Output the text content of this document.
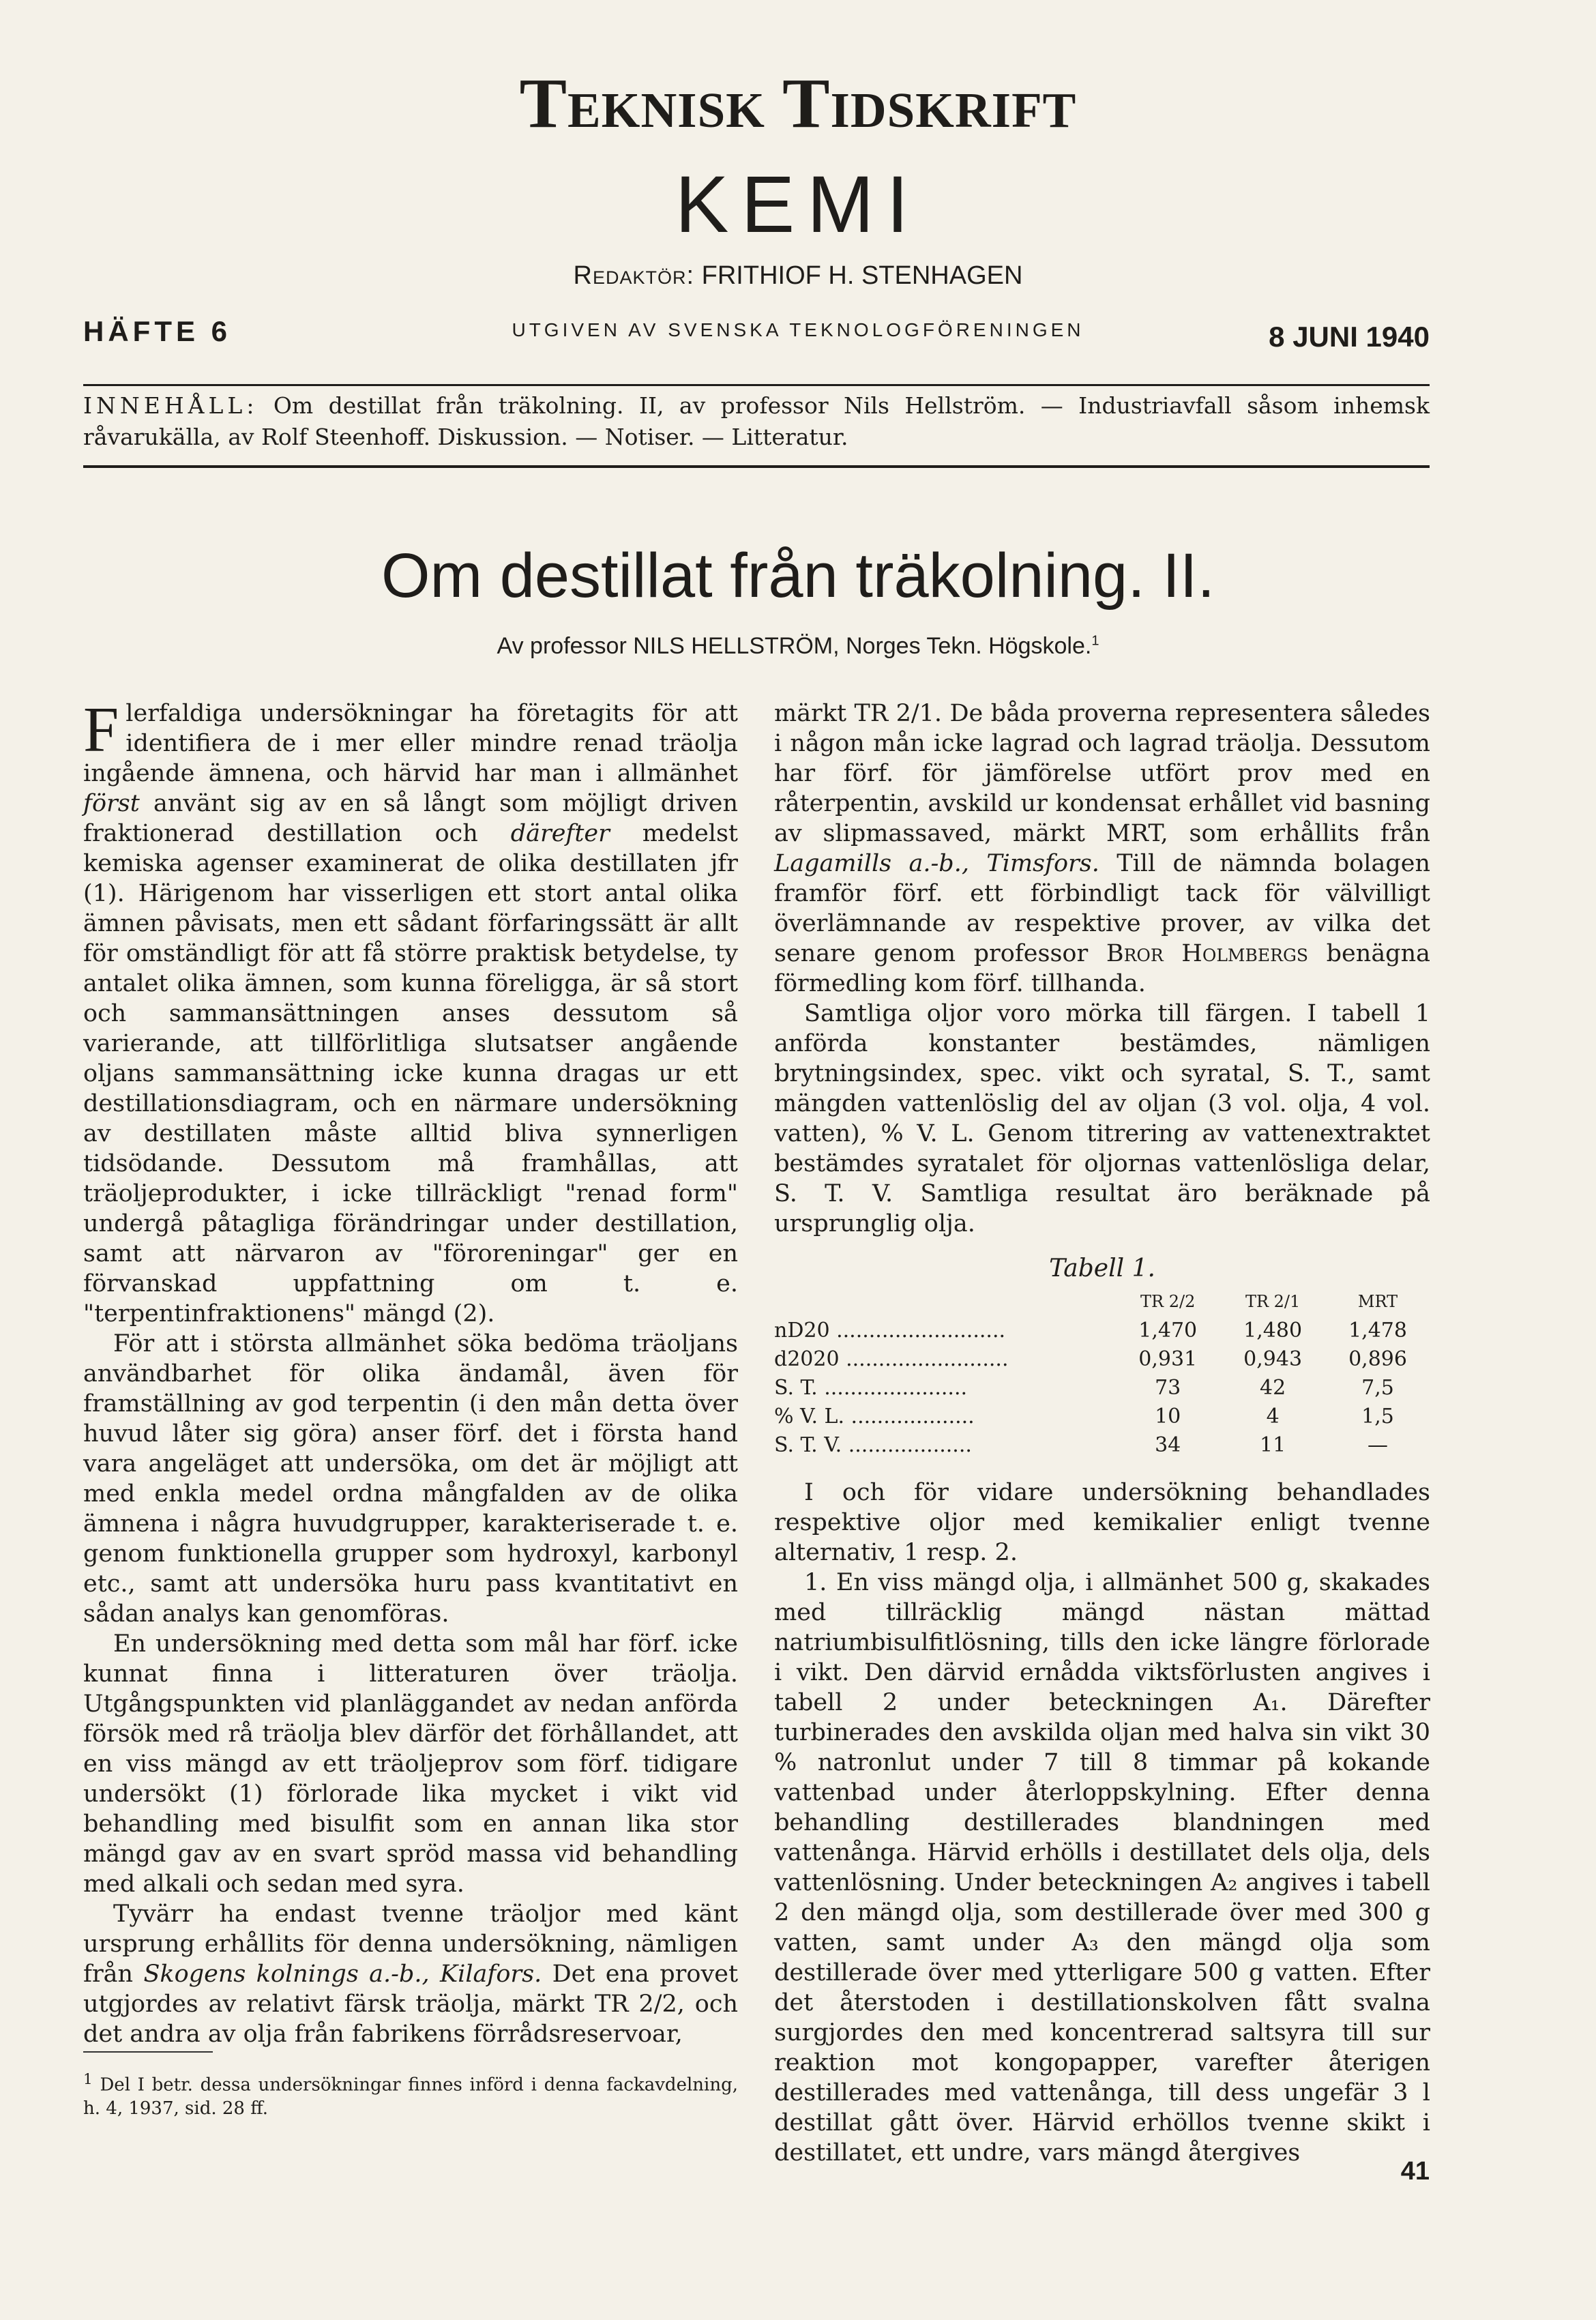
Teknisk Tidskrift
KEMI
Redaktör: FRITHIOF H. STENHAGEN
HÄFTE 6	UTGIVEN AV SVENSKA TEKNOLOGFÖRENINGEN	8 JUNI 1940
INNEHÅLL: Om destillat från träkolning. II, av professor Nils Hellström. — Industriavfall såsom inhemsk råvarukälla, av Rolf Steenhoff. Diskussion. — Notiser. — Litteratur.
Om destillat från träkolning. II.
Av professor NILS HELLSTRÖM, Norges Tekn. Högskole.$^1$

Flerfaldiga undersökningar ha företagits för att identifiera de i mer eller mindre renad träolja ingående ämnena, och härvid har man i allmänhet först använt sig av en så långt som möjligt driven fraktionerad destillation och därefter medelst kemiska agenser examinerat de olika destillaten jfr (1). Härigenom har visserligen ett stort antal olika ämnen påvisats, men ett sådant förfaringssätt är allt för omständligt för att få större praktisk betydelse, ty antalet olika ämnen, som kunna föreligga, är så stort och sammansättningen anses dessutom så varierande, att tillförlitliga slutsatser angående oljans sammansättning icke kunna dragas ur ett destillationsdiagram, och en närmare undersökning av destillaten måste alltid bliva synnerligen tidsödande. Dessutom må framhållas, att träoljeprodukter, i icke tillräckligt "renad form" undergå påtagliga förändringar under destillation, samt att närvaron av "föroreningar" ger en förvanskad uppfattning om t. e. "terpentinfraktionens" mängd (2).

För att i största allmänhet söka bedöma träoljans användbarhet för olika ändamål, även för framställning av god terpentin (i den mån detta över huvud låter sig göra) anser förf. det i första hand vara angeläget att undersöka, om det är möjligt att med enkla medel ordna mångfalden av de olika ämnena i några huvudgrupper, karakteriserade t. e. genom funktionella grupper som hydroxyl, karbonyl etc., samt att undersöka huru pass kvantitativt en sådan analys kan genomföras.

En undersökning med detta som mål har förf. icke kunnat finna i litteraturen över träolja. Utgångspunkten vid planläggandet av nedan anförda försök med rå träolja blev därför det förhållandet, att en viss mängd av ett träoljeprov som förf. tidigare undersökt (1) förlorade lika mycket i vikt vid behandling med bisulfit som en annan lika stor mängd gav av en svart spröd massa vid behandling med alkali och sedan med syra.

Tyvärr ha endast tvenne träoljor med känt ursprung erhållits för denna undersökning, nämligen från Skogens kolnings a.-b., Kilafors. Det ena provet utgjordes av relativt färsk träolja, märkt TR 2/2, och det andra av olja från fabrikens förrådsreservoar,

$^1$ Del I betr. dessa undersökningar finnes införd i denna fackavdelning, h. 4, 1937, sid. 28 ff.

märkt TR 2/1. De båda proverna representera således i någon mån icke lagrad och lagrad träolja. Dessutom har förf. för jämförelse utfört prov med en råterpentin, avskild ur kondensat erhållet vid basning av slipmassaved, märkt MRT, som erhållits från Lagamills a.-b., Timsfors. Till de nämnda bolagen framför förf. ett förbindligt tack för välvilligt överlämnande av respektive prover, av vilka det senare genom professor Bror Holmbergs benägna förmedling kom förf. tillhanda.

Samtliga oljor voro mörka till färgen. I tabell 1 anförda konstanter bestämdes, nämligen brytningsindex, spec. vikt och syratal, S. T., samt mängden vattenlöslig del av oljan (3 vol. olja, 4 vol. vatten), % V. L. Genom titrering av vattenextraktet bestämdes syratalet för oljornas vattenlösliga delar, S. T. V. Samtliga resultat äro beräknade på ursprunglig olja.

Tabell 1.
	TR 2/2	TR 2/1	MRT
nD20 ..........................	1,470	1,480	1,478
d2020 .........................	0,931	0,943	0,896
S. T. ......................	73	42	7,5
% V. L. ...................	10	4	1,5
S. T. V. ...................	34	11	—

I och för vidare undersökning behandlades respektive oljor med kemikalier enligt tvenne alternativ, 1 resp. 2.

1. En viss mängd olja, i allmänhet 500 g, skakades med tillräcklig mängd nästan mättad natriumbisulfitlösning, tills den icke längre förlorade i vikt. Den därvid ernådda viktsförlusten angives i tabell 2 under beteckningen A₁. Därefter turbinerades den avskilda oljan med halva sin vikt 30 % natronlut under 7 till 8 timmar på kokande vattenbad under återloppskylning. Efter denna behandling destillerades blandningen med vattenånga. Härvid erhölls i destillatet dels olja, dels vattenlösning. Under beteckningen A₂ angives i tabell 2 den mängd olja, som destillerade över med 300 g vatten, samt under A₃ den mängd olja som destillerade över med ytterligare 500 g vatten. Efter det återstoden i destillationskolven fått svalna surgjordes den med koncentrerad saltsyra till sur reaktion mot kongopapper, varefter återigen destillerades med vattenånga, till dess ungefär 3 l destillat gått över. Härvid erhöllos tvenne skikt i destillatet, ett undre, vars mängd återgives

41
